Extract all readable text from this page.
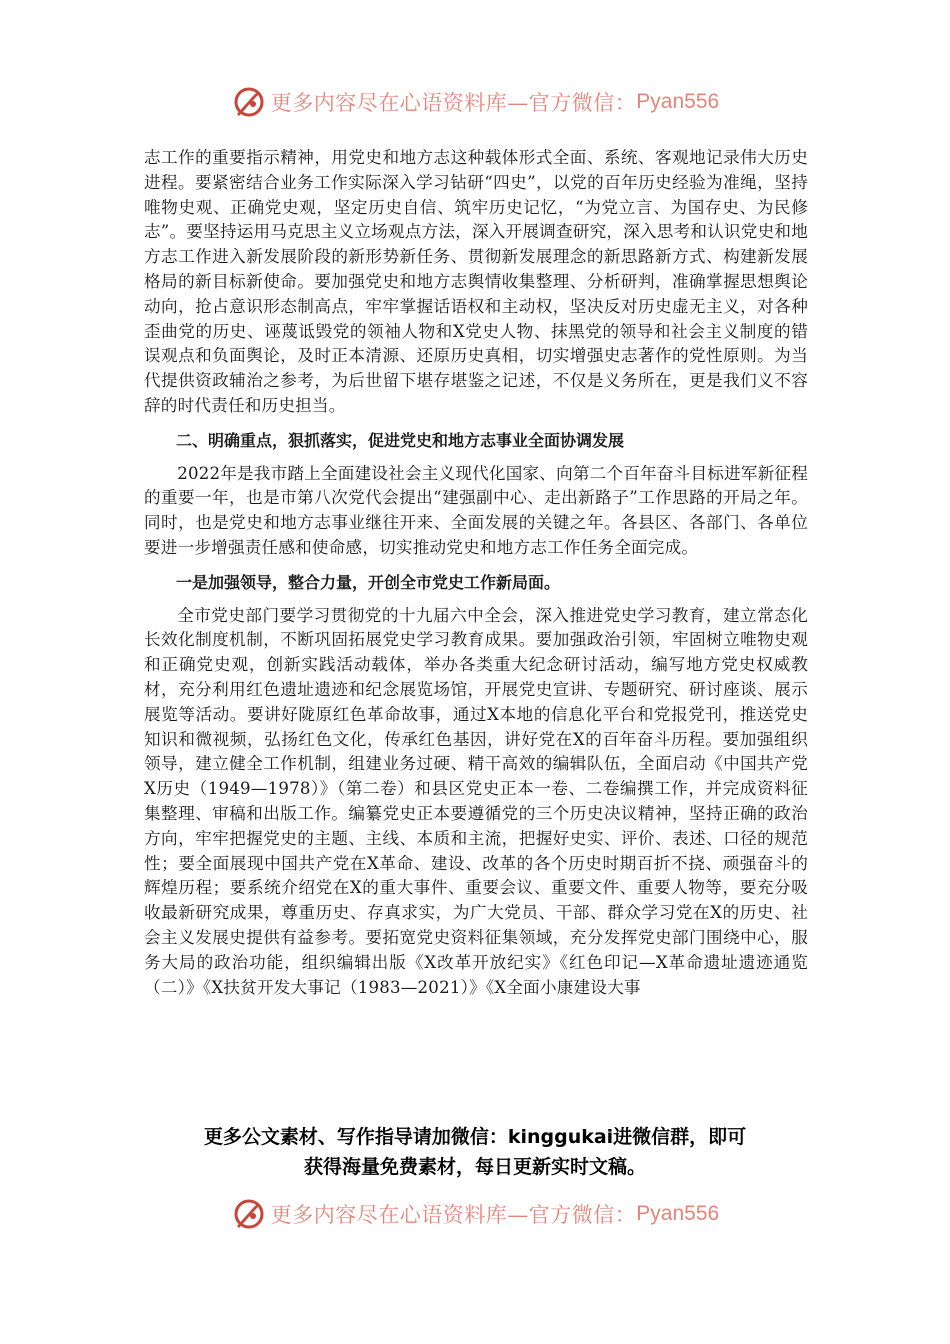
更多内容尽在心语资料库—官方微信： Pyan556

志工作的重要指示精神，用党史和地方志这种载体形式全面、系统、客观地记录伟大历史进程。要紧密结合业务工作实际深入学习钻研“四史”，以党的百年历史经验为准绳，坚持唯物史观、正确党史观，坚定历史自信、筑牢历史记忆，“为党立言、为国存史、为民修志”。要坚持运用马克思主义立场观点方法，深入开展调查研究，深入思考和认识党史和地方志工作进入新发展阶段的新形势新任务、贯彻新发展理念的新思路新方式、构建新发展格局的新目标新使命。要加强党史和地方志舆情收集整理、分析研判，准确掌握思想舆论动向，抢占意识形态制高点，牢牢掌握话语权和主动权，坚决反对历史虚无主义，对各种歪曲党的历史、诬蔑诋毁党的领袖人物和X党史人物、抹黑党的领导和社会主义制度的错误观点和负面舆论，及时正本清源、还原历史真相，切实增强史志著作的党性原则。为当代提供资政辅治之参考，为后世留下堪存堪鉴之记述，不仅是义务所在，更是我们义不容辞的时代责任和历史担当。

二、明确重点，狠抓落实，促进党史和地方志事业全面协调发展

2022年是我市踏上全面建设社会主义现代化国家、向第二个百年奋斗目标进军新征程的重要一年，也是市第八次党代会提出“建强副中心、走出新路子”工作思路的开局之年。同时，也是党史和地方志事业继往开来、全面发展的关键之年。各县区、各部门、各单位要进一步增强责任感和使命感，切实推动党史和地方志工作任务全面完成。

一是加强领导，整合力量，开创全市党史工作新局面。

全市党史部门要学习贯彻党的十九届六中全会，深入推进党史学习教育，建立常态化长效化制度机制，不断巩固拓展党史学习教育成果。要加强政治引领，牢固树立唯物史观和正确党史观，创新实践活动载体，举办各类重大纪念研讨活动，编写地方党史权威教材，充分利用红色遗址遗迹和纪念展览场馆，开展党史宣讲、专题研究、研讨座谈、展示展览等活动。要讲好陇原红色革命故事，通过X本地的信息化平台和党报党刊，推送党史知识和微视频，弘扬红色文化，传承红色基因，讲好党在X的百年奋斗历程。要加强组织领导，建立健全工作机制，组建业务过硬、精干高效的编辑队伍，全面启动《中国共产党X历史（1949—1978）》（第二卷）和县区党史正本一卷、二卷编撰工作，并完成资料征集整理、审稿和出版工作。编纂党史正本要遵循党的三个历史决议精神，坚持正确的政治方向，牢牢把握党史的主题、主线、本质和主流，把握好史实、评价、表述、口径的规范性；要全面展现中国共产党在X革命、建设、改革的各个历史时期百折不挠、顽强奋斗的辉煌历程；要系统介绍党在X的重大事件、重要会议、重要文件、重要人物等，要充分吸收最新研究成果，尊重历史、存真求实，为广大党员、干部、群众学习党在X的历史、社会主义发展史提供有益参考。要拓宽党史资料征集领域，充分发挥党史部门围绕中心，服务大局的政治功能，组织编辑出版《X改革开放纪实》《红色印记—X革命遗址遗迹通览（二）》《X扶贫开发大事记（1983—2021）》《X全面小康建设大事

更多公文素材、写作指导请加微信：kinggukai进微信群，即可
获得海量免费素材，每日更新实时文稿。
更多内容尽在心语资料库—官方微信： Pyan556
